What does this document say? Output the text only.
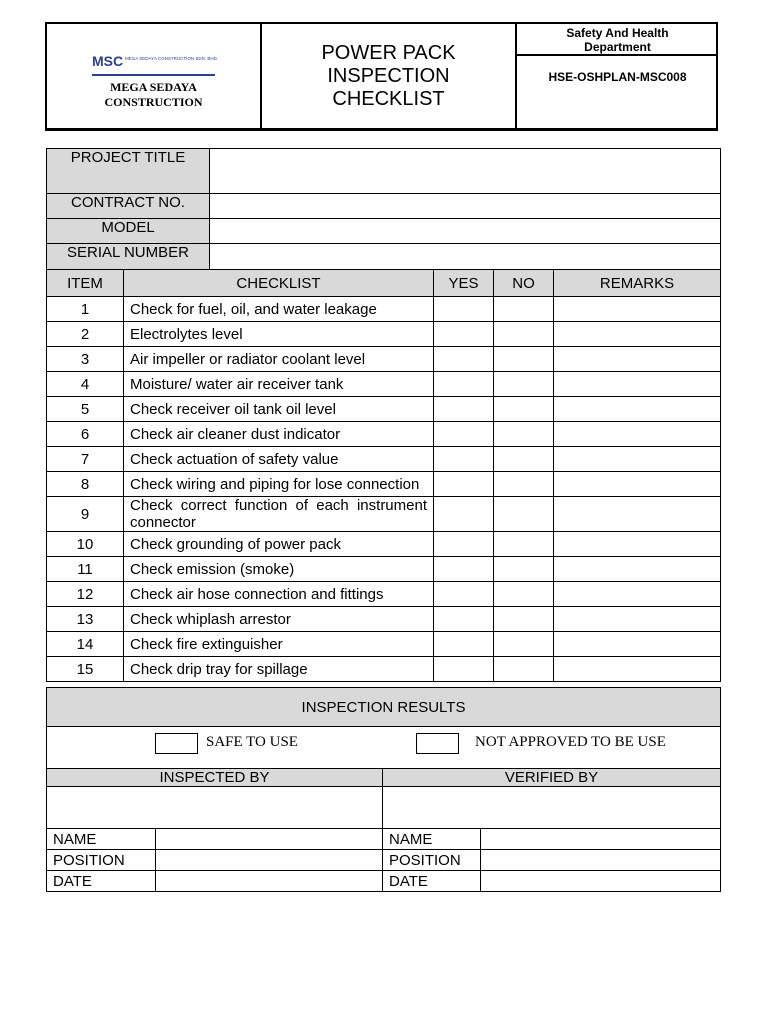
MSC MEGA SEDAYA CONSTRUCTION SDN. BHD.
MEGA SEDAYA
CONSTRUCTION
POWER PACK
INSPECTION
CHECKLIST
Safety And Health
Department
HSE-OSHPLAN-MSC008
PROJECT TITLE	
CONTRACT NO.	
MODEL	
SERIAL NUMBER	
ITEM	CHECKLIST	YES	NO	REMARKS
1	Check for fuel, oil, and water leakage			
2	Electrolytes level			
3	Air impeller or radiator coolant level			
4	Moisture/ water air receiver tank			
5	Check receiver oil tank oil level			
6	Check air cleaner dust indicator			
7	Check actuation of safety value			
8	Check wiring and piping for lose connection			
9	Check correct function of each instrument connector			
10	Check grounding of power pack			
11	Check emission (smoke)			
12	Check air hose connection and fittings			
13	Check whiplash arrestor			
14	Check fire extinguisher			
15	Check drip tray for spillage			
INSPECTION RESULTS

SAFE TO USE	NOT APPROVED TO BE USE
INSPECTED BY		VERIFIED BY	

NAME		NAME	
POSITION		POSITION	
DATE		DATE	
